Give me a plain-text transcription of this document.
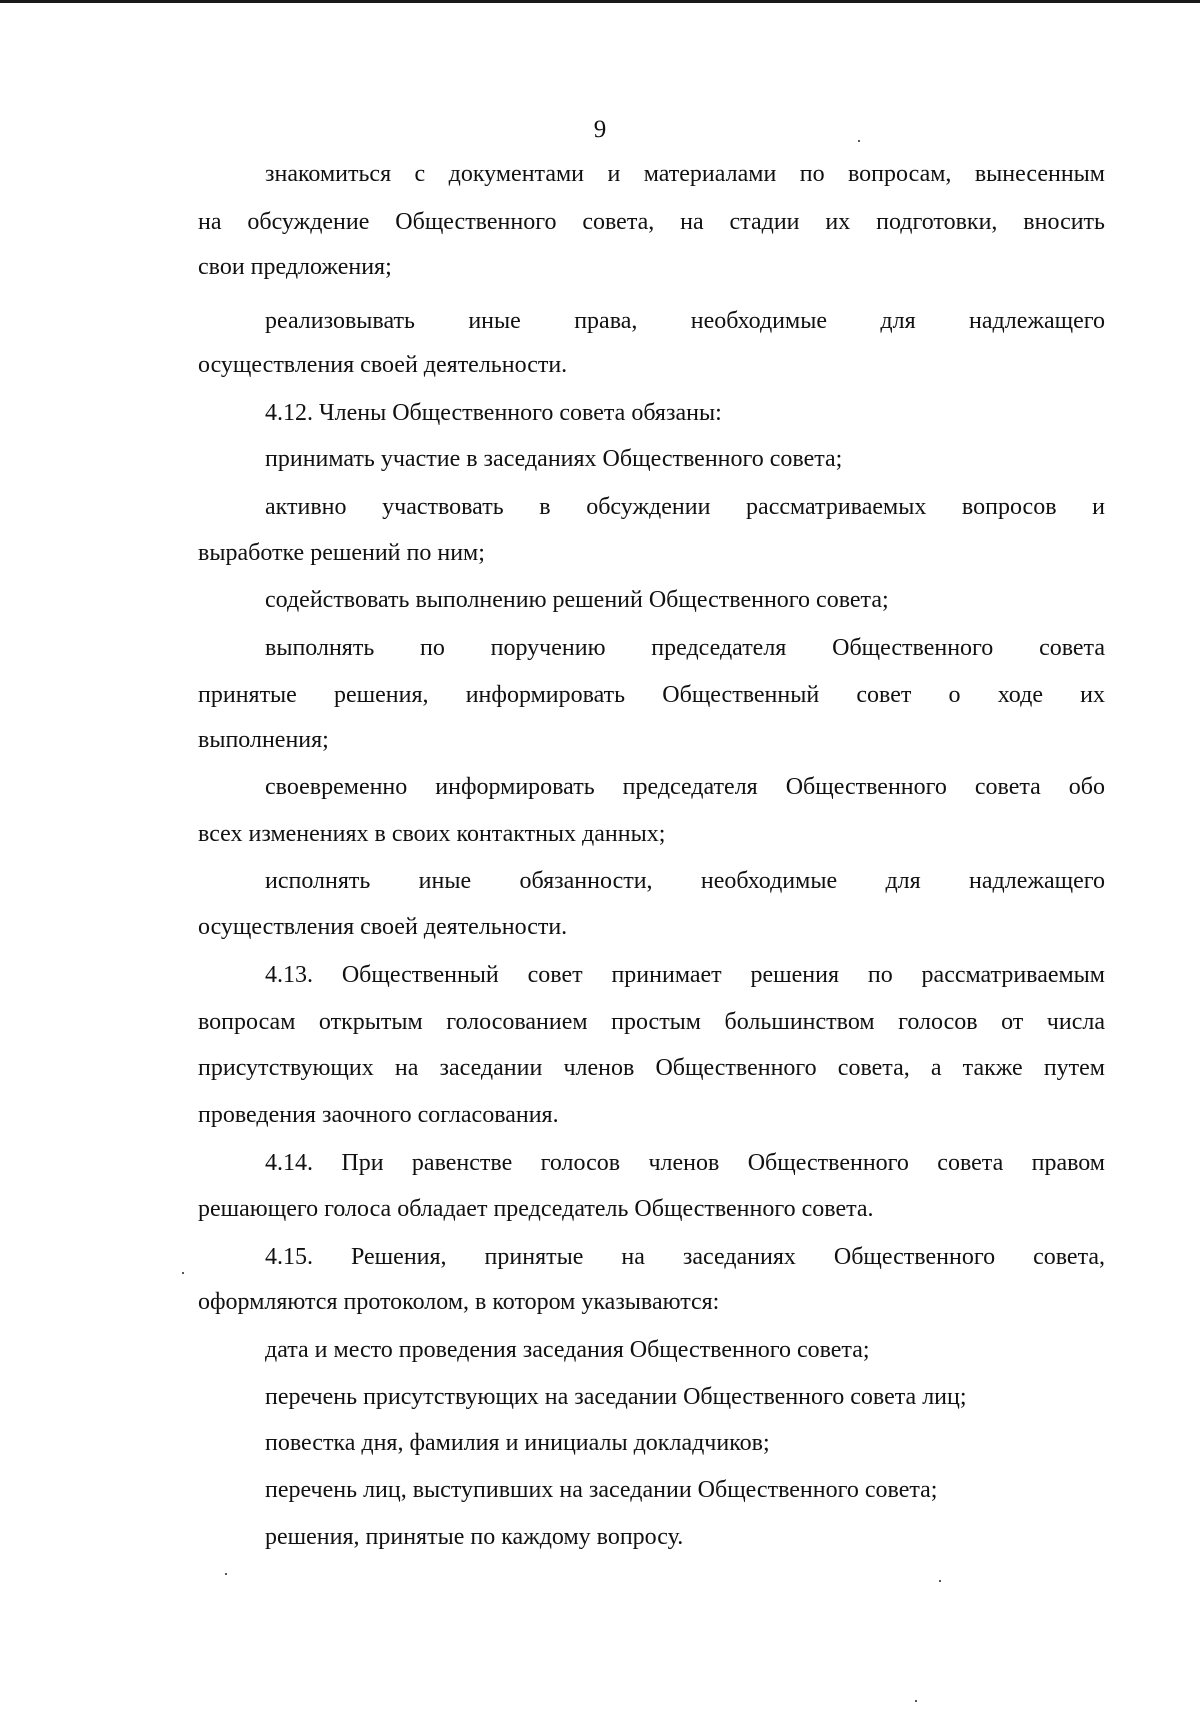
9
знакомиться с документами и материалами по вопросам, вынесенным
на обсуждение Общественного совета, на стадии их подготовки, вносить
свои предложения;
реализовывать иные права, необходимые для надлежащего
осуществления своей деятельности.
4.12. Члены Общественного совета обязаны:
принимать участие в заседаниях Общественного совета;
активно участвовать в обсуждении рассматриваемых вопросов и
выработке решений по ним;
содействовать выполнению решений Общественного совета;
выполнять по поручению председателя Общественного совета
принятые решения, информировать Общественный совет о ходе их
выполнения;
своевременно информировать председателя Общественного совета обо
всех изменениях в своих контактных данных;
исполнять иные обязанности, необходимые для надлежащего
осуществления своей деятельности.
4.13. Общественный совет принимает решения по рассматриваемым
вопросам открытым голосованием простым большинством голосов от числа
присутствующих на заседании членов Общественного совета, а также путем
проведения заочного согласования.
4.14. При равенстве голосов членов Общественного совета правом
решающего голоса обладает председатель Общественного совета.
4.15. Решения, принятые на заседаниях Общественного совета,
оформляются протоколом, в котором указываются:
дата и место проведения заседания Общественного совета;
перечень присутствующих на заседании Общественного совета лиц;
повестка дня, фамилия и инициалы докладчиков;
перечень лиц, выступивших на заседании Общественного совета;
решения, принятые по каждому вопросу.
